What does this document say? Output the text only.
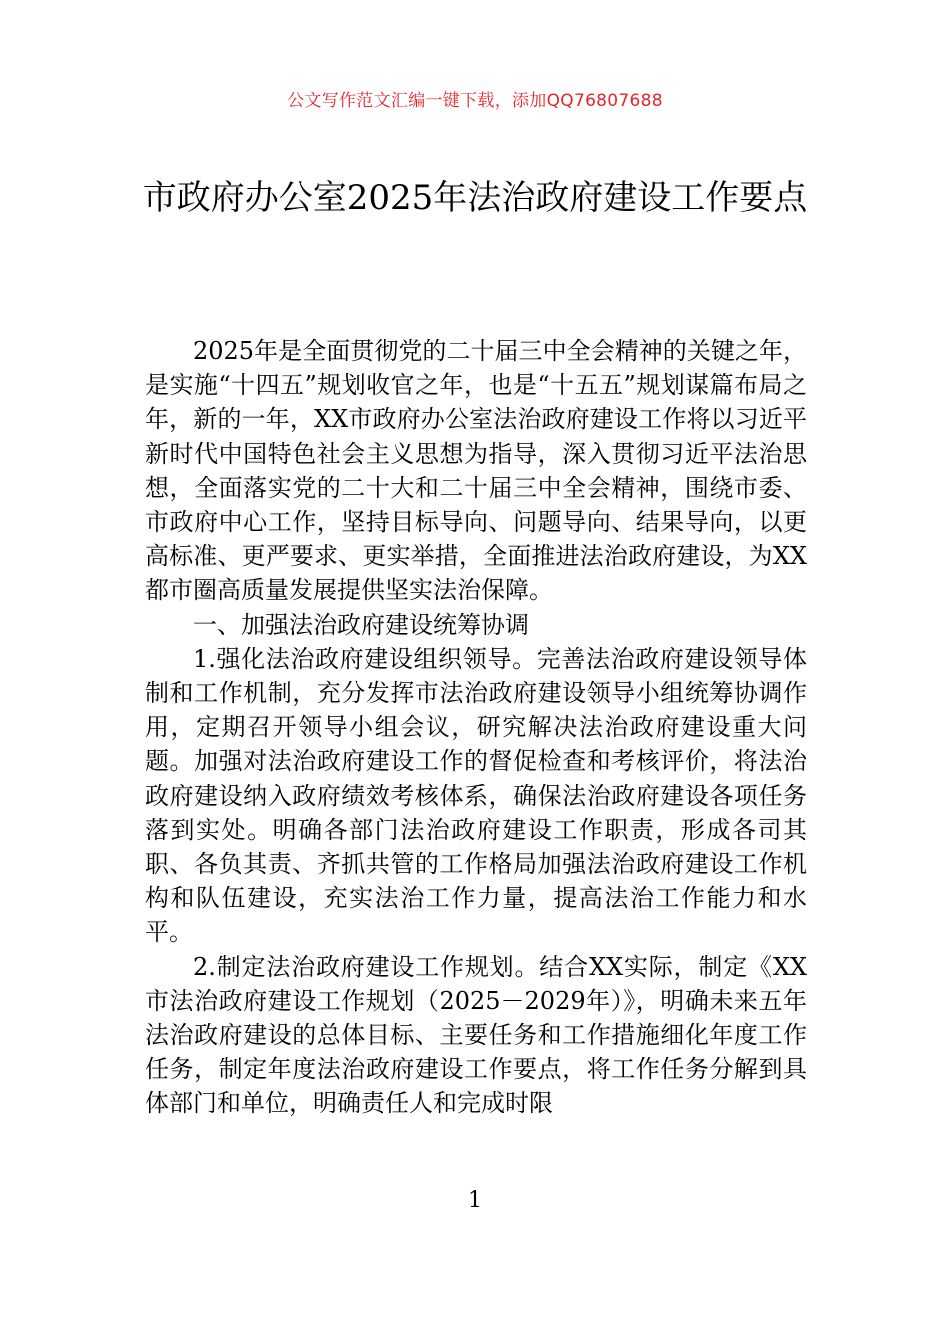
公文写作范文汇编一键下载，添加QQ76807688
市政府办公室2025年法治政府建设工作要点

2025年是全面贯彻党的二十届三中全会精神的关键之年，是实施“十四五”规划收官之年，也是“十五五”规划谋篇布局之年，新的一年，XX市政府办公室法治政府建设工作将以习近平新时代中国特色社会主义思想为指导，深入贯彻习近平法治思想，全面落实党的二十大和二十届三中全会精神，围绕市委、市政府中心工作，坚持目标导向、问题导向、结果导向，以更高标准、更严要求、更实举措，全面推进法治政府建设，为XX都市圈高质量发展提供坚实法治保障。

一、加强法治政府建设统筹协调

1.强化法治政府建设组织领导。完善法治政府建设领导体制和工作机制，充分发挥市法治政府建设领导小组统筹协调作用，定期召开领导小组会议，研究解决法治政府建设重大问题。加强对法治政府建设工作的督促检查和考核评价，将法治政府建设纳入政府绩效考核体系，确保法治政府建设各项任务落到实处。明确各部门法治政府建设工作职责，形成各司其职、各负其责、齐抓共管的工作格局加强法治政府建设工作机构和队伍建设，充实法治工作力量，提高法治工作能力和水平。

2.制定法治政府建设工作规划。结合XX实际，制定《XX市法治政府建设工作规划（2025－2029年）》，明确未来五年法治政府建设的总体目标、主要任务和工作措施细化年度工作任务，制定年度法治政府建设工作要点，将工作任务分解到具体部门和单位，明确责任人和完成时限

1
